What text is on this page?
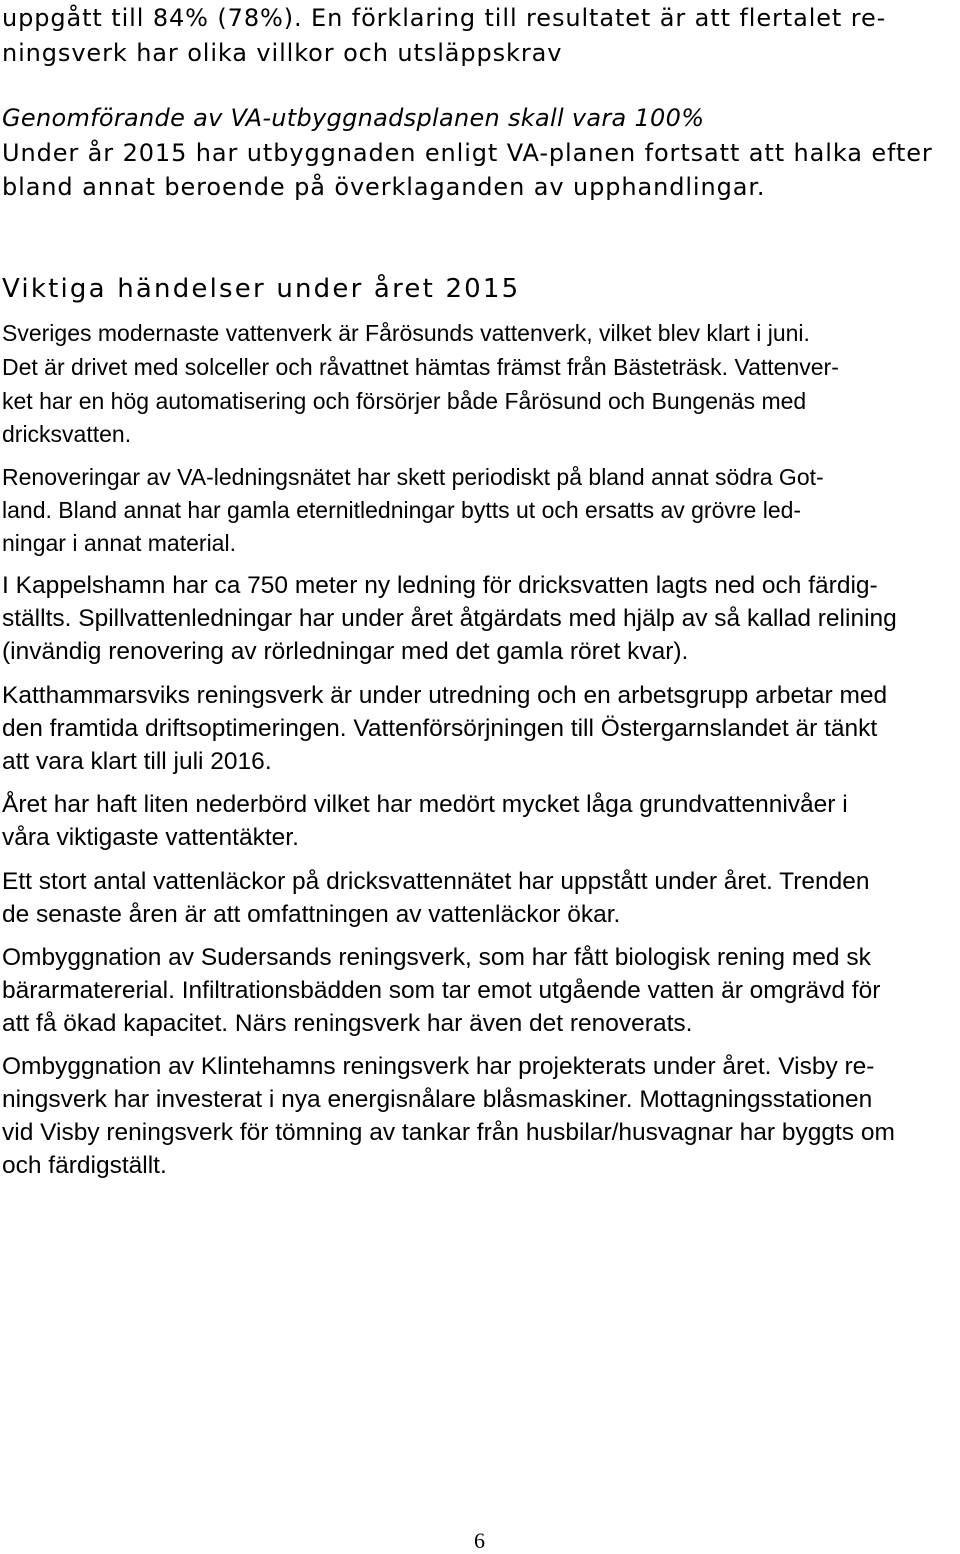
uppgått till 84% (78%). En förklaring till resultatet är att flertalet re-
ningsverk har olika villkor och utsläppskrav
Genomförande av VA-utbyggnadsplanen skall vara 100%
Under år 2015 har utbyggnaden enligt VA-planen fortsatt att halka efter
bland annat beroende på överklaganden av upphandlingar.
Viktiga händelser under året 2015
Sveriges modernaste vattenverk är Fårösunds vattenverk, vilket blev klart i juni.
Det är drivet med solceller och råvattnet hämtas främst från Bästeträsk. Vattenver-
ket har en hög automatisering och försörjer både Fårösund och Bungenäs med
dricksvatten.
Renoveringar av VA-ledningsnätet har skett periodiskt på bland annat södra Got-
land. Bland annat har gamla eternitledningar bytts ut och ersatts av grövre led-
ningar i annat material.
I Kappelshamn har ca 750 meter ny ledning för dricksvatten lagts ned och färdig-
ställts. Spillvattenledningar har under året åtgärdats med hjälp av så kallad relining
(invändig renovering av rörledningar med det gamla röret kvar).
Katthammarsviks reningsverk är under utredning och en arbetsgrupp arbetar med
den framtida driftsoptimeringen. Vattenförsörjningen till Östergarnslandet är tänkt
att vara klart till juli 2016.
Året har haft liten nederbörd vilket har medört mycket låga grundvattennivåer i
våra viktigaste vattentäkter.
Ett stort antal vattenläckor på dricksvattennätet har uppstått under året. Trenden
de senaste åren är att omfattningen av vattenläckor ökar.
Ombyggnation av Sudersands reningsverk, som har fått biologisk rening med sk
bärarmatererial. Infiltrationsbädden som tar emot utgående vatten är omgrävd för
att få ökad kapacitet. Närs reningsverk har även det renoverats.
Ombyggnation av Klintehamns reningsverk har projekterats under året. Visby re-
ningsverk har investerat i nya energisnålare blåsmaskiner. Mottagningsstationen
vid Visby reningsverk för tömning av tankar från husbilar/husvagnar har byggts om
och färdigställt.
6
